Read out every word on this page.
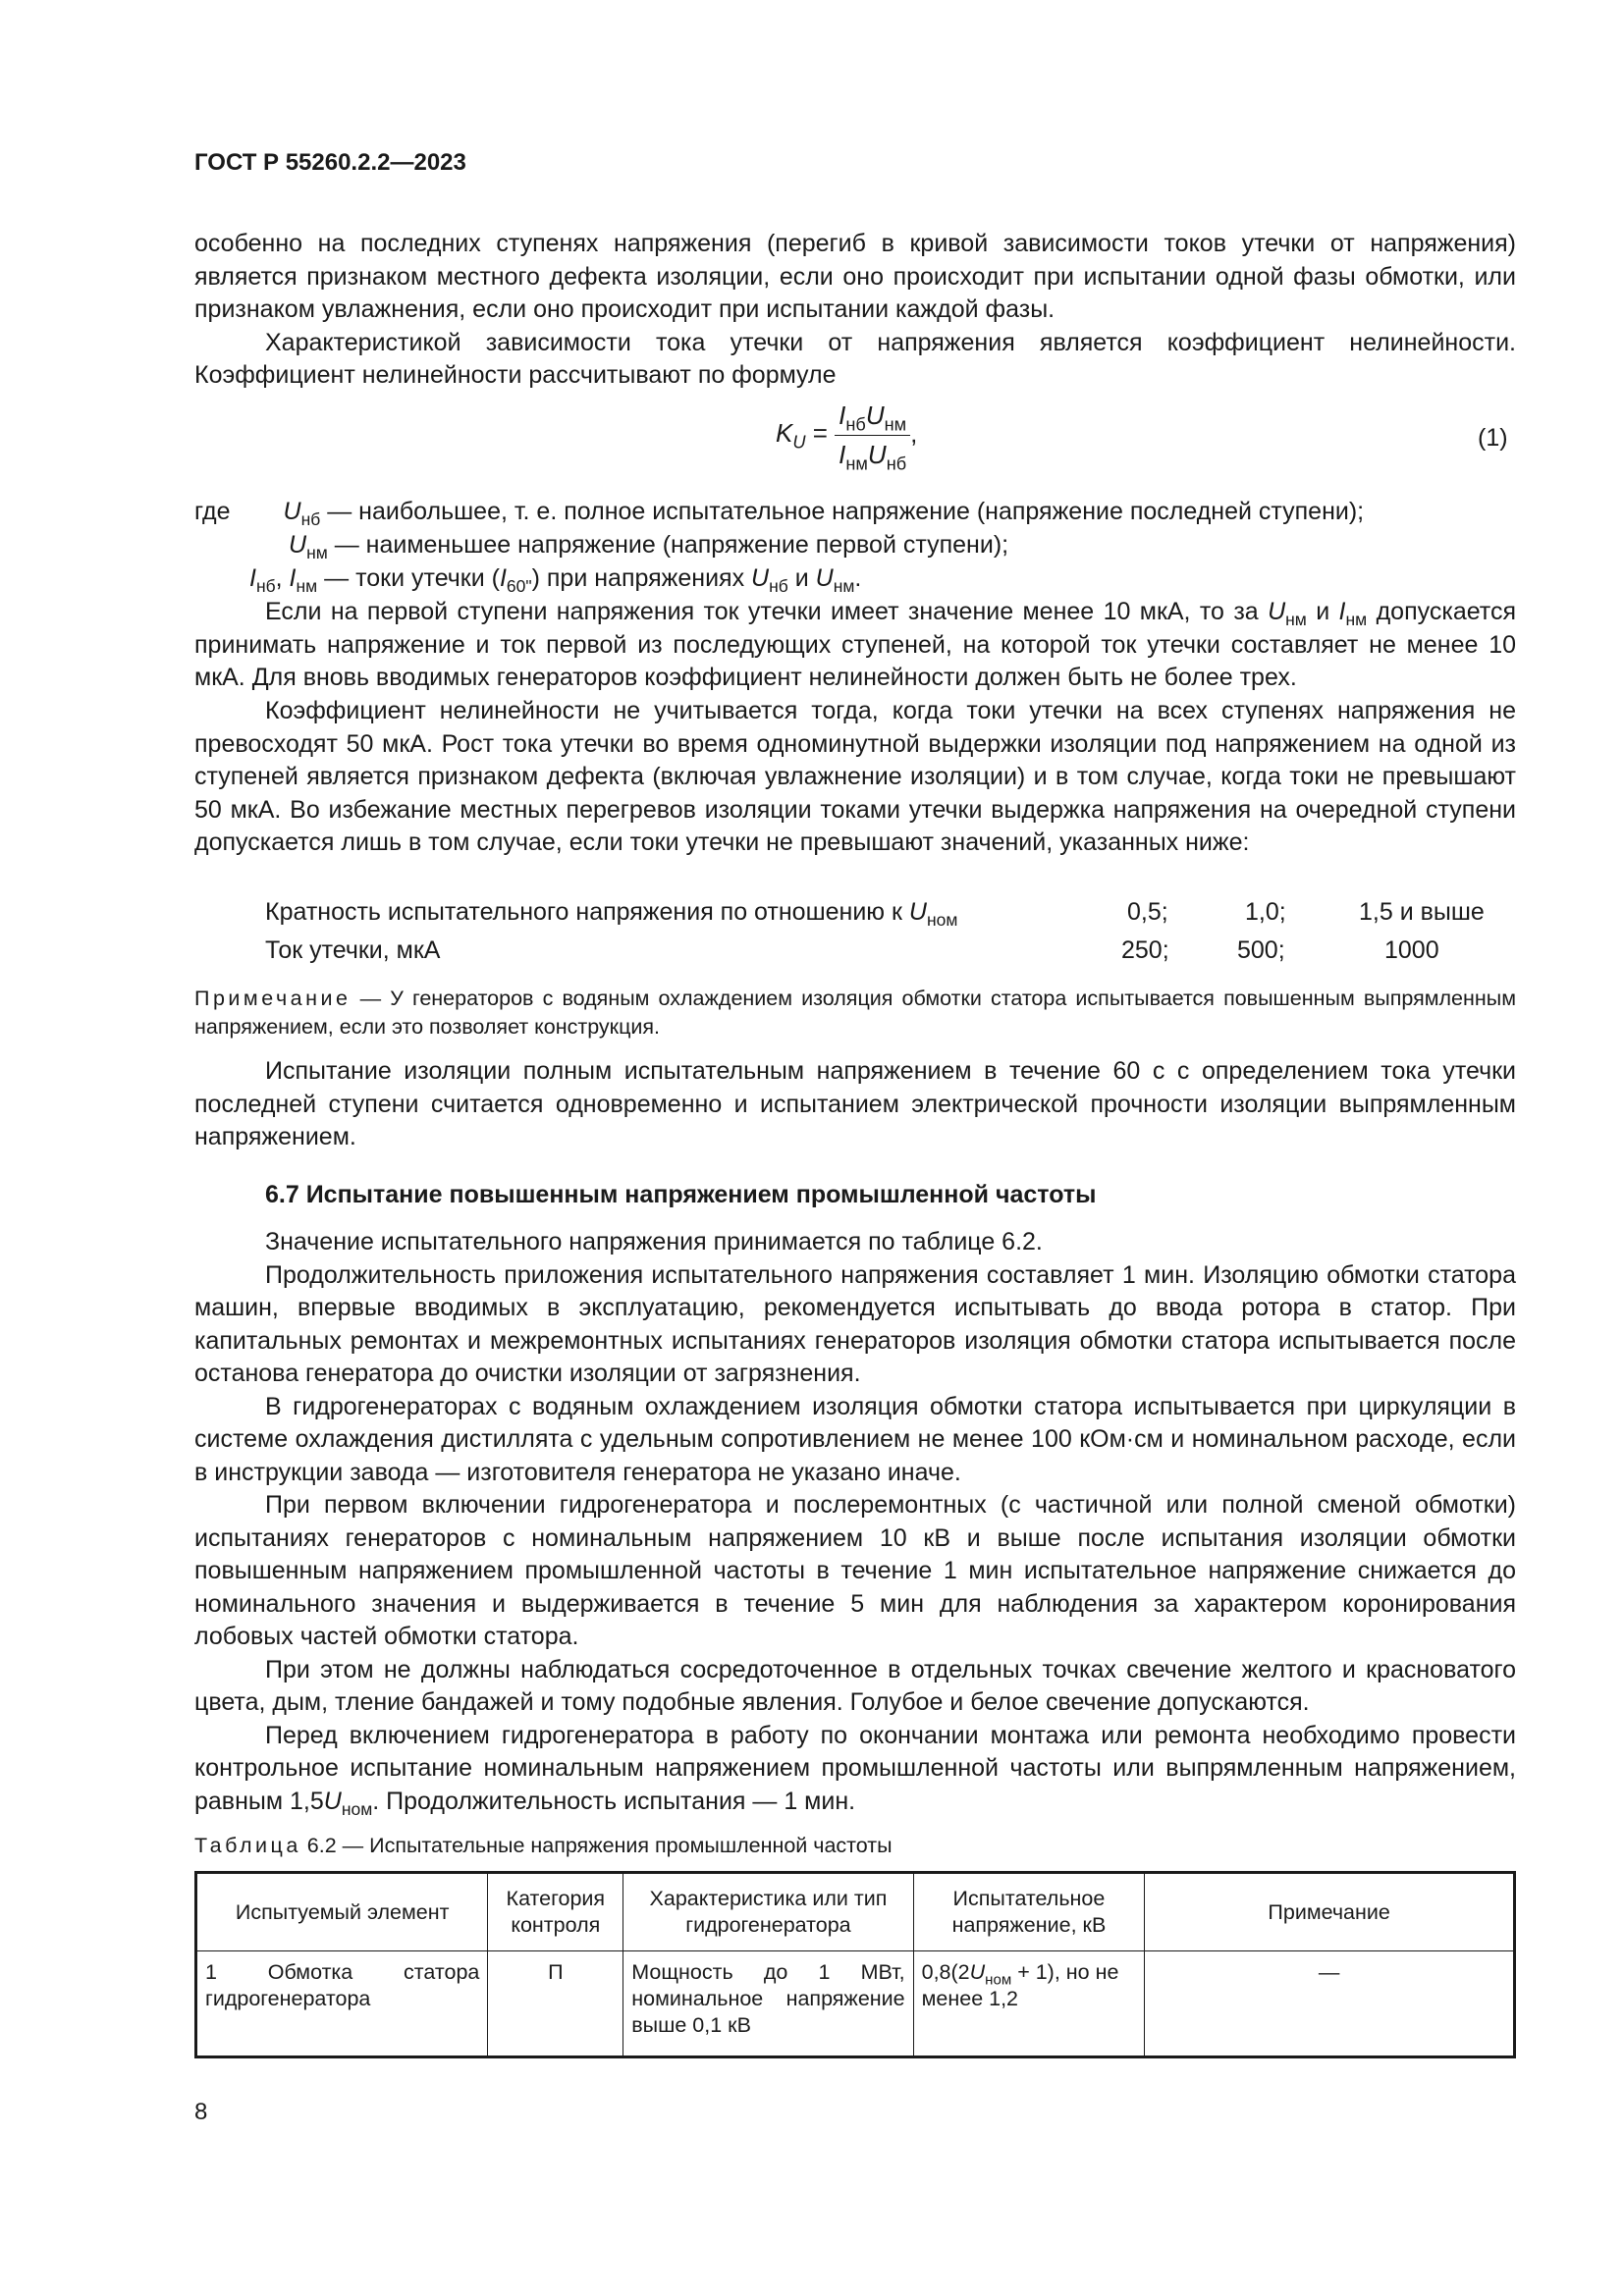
ГОСТ Р 55260.2.2—2023

особенно на последних ступенях напряжения (перегиб в кривой зависимости токов утечки от напряжения) является признаком местного дефекта изоляции, если оно происходит при испытании одной фазы обмотки, или признаком увлажнения, если оно происходит при испытании каждой фазы.

Характеристикой зависимости тока утечки от напряжения является коэффициент нелинейности. Коэффициент нелинейности рассчитывают по формуле

$K_U = \frac{I_{нб}U_{нм}}{I_{нм}U_{нб}}$ ,	(1)
где $U_{нб}$ — наибольшее, т. е. полное испытательное напряжение (напряжение последней ступени);
$U_{нм}$ — наименьшее напряжение (напряжение первой ступени);
$I_{нб}$, $I_{нм}$ — токи утечки $(I_{60"})$ при напряжениях $U_{нб}$ и $U_{нм}$.

Если на первой ступени напряжения ток утечки имеет значение менее 10 мкА, то за $U_{нм}$ и $I_{нм}$ допускается принимать напряжение и ток первой из последующих ступеней, на которой ток утечки составляет не менее 10 мкА. Для вновь вводимых генераторов коэффициент нелинейности должен быть не более трех.

Коэффициент нелинейности не учитывается тогда, когда токи утечки на всех ступенях напряжения не превосходят 50 мкА. Рост тока утечки во время одноминутной выдержки изоляции под напряжением на одной из ступеней является признаком дефекта (включая увлажнение изоляции) и в том случае, когда токи не превышают 50 мкА. Во избежание местных перегревов изоляции токами утечки выдержка напряжения на очередной ступени допускается лишь в том случае, если токи утечки не превышают значений, указанных ниже:

Кратность испытательного напряжения по отношению к $U_{ном}$	0,5;	1,0;	1,5 и выше
Ток утечки, мкА	250;	500;	1000

Примечание — У генераторов с водяным охлаждением изоляция обмотки статора испытывается повышенным выпрямленным напряжением, если это позволяет конструкция.

Испытание изоляции полным испытательным напряжением в течение 60 с с определением тока утечки последней ступени считается одновременно и испытанием электрической прочности изоляции выпрямленным напряжением.

6.7 Испытание повышенным напряжением промышленной частоты

Значение испытательного напряжения принимается по таблице 6.2.

Продолжительность приложения испытательного напряжения составляет 1 мин. Изоляцию обмотки статора машин, впервые вводимых в эксплуатацию, рекомендуется испытывать до ввода ротора в статор. При капитальных ремонтах и межремонтных испытаниях генераторов изоляция обмотки статора испытывается после останова генератора до очистки изоляции от загрязнения.

В гидрогенераторах с водяным охлаждением изоляция обмотки статора испытывается при циркуляции в системе охлаждения дистиллята с удельным сопротивлением не менее 100 кОм·см и номинальном расходе, если в инструкции завода — изготовителя генератора не указано иначе.

При первом включении гидрогенератора и послеремонтных (с частичной или полной сменой обмотки) испытаниях генераторов с номинальным напряжением 10 кВ и выше после испытания изоляции обмотки повышенным напряжением промышленной частоты в течение 1 мин испытательное напряжение снижается до номинального значения и выдерживается в течение 5 мин для наблюдения за характером коронирования лобовых частей обмотки статора.

При этом не должны наблюдаться сосредоточенное в отдельных точках свечение желтого и красноватого цвета, дым, тление бандажей и тому подобные явления. Голубое и белое свечение допускаются.

Перед включением гидрогенератора в работу по окончании монтажа или ремонта необходимо провести контрольное испытание номинальным напряжением промышленной частоты или выпрямленным напряжением, равным $1,5U_{ном}$. Продолжительность испытания — 1 мин.

Таблица 6.2 — Испытательные напряжения промышленной частоты
Испытуемый элемент	Категория контроля	Характеристика или тип гидрогенератора	Испытательное напряжение, кВ	Примечание
1 Обмотка статора гидрогенератора	П	Мощность до 1 МВт, номинальное напряжение выше 0,1 кВ	$0,8(2U_{ном} + 1)$, но не менее 1,2	—
8
